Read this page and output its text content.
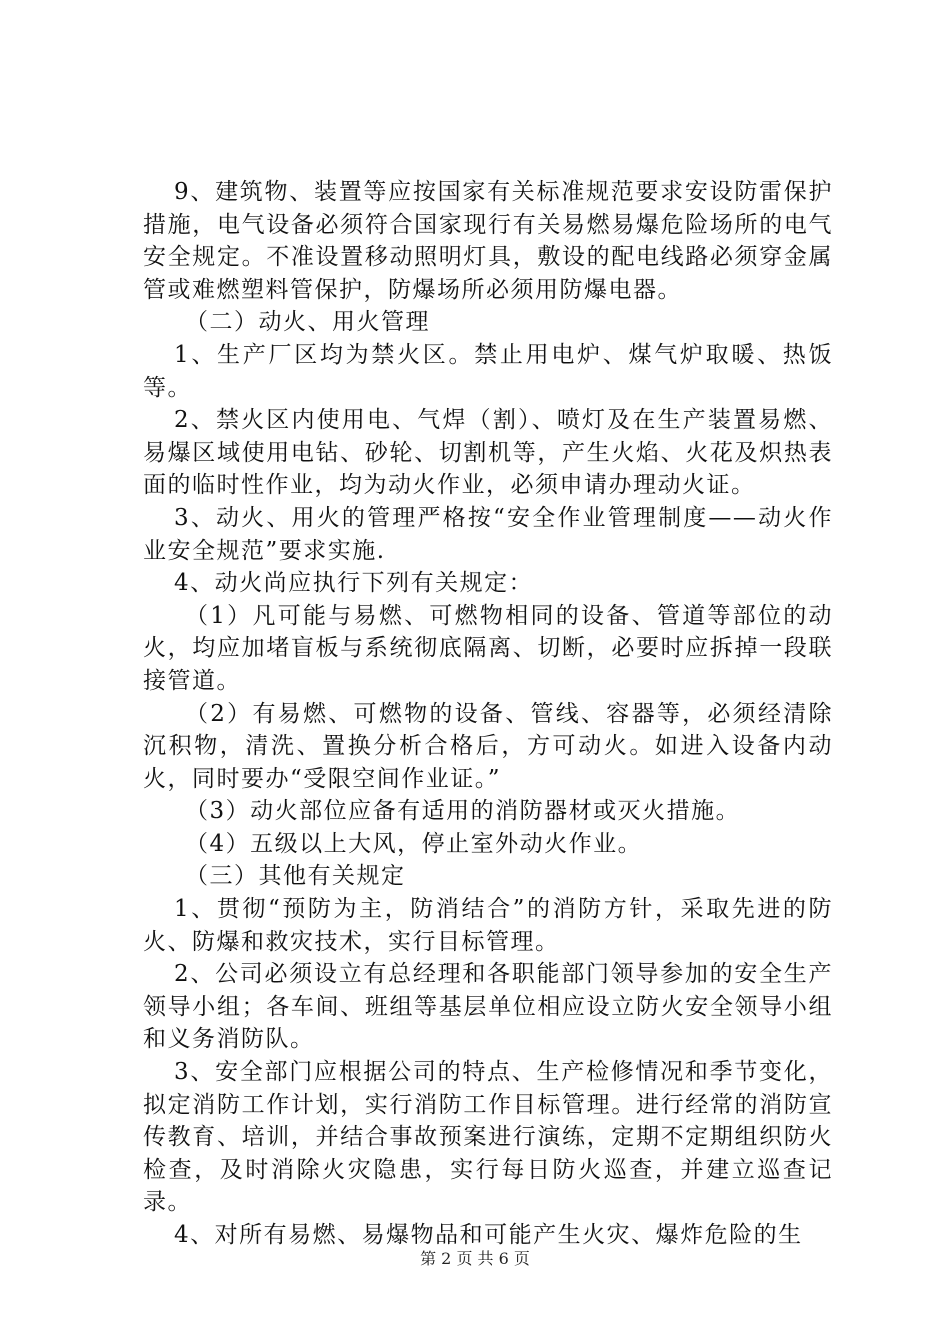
9、建筑物、装置等应按国家有关标准规范要求安设防雷保护措施，电气设备必须符合国家现行有关易燃易爆危险场所的电气安全规定。不准设置移动照明灯具，敷设的配电线路必须穿金属管或难燃塑料管保护，防爆场所必须用防爆电器。

（二）动火、用火管理

1、生产厂区均为禁火区。禁止用电炉、煤气炉取暖、热饭等。

2、禁火区内使用电、气焊（割）、喷灯及在生产装置易燃、易爆区域使用电钻、砂轮、切割机等，产生火焰、火花及炽热表面的临时性作业，均为动火作业，必须申请办理动火证。

3、动火、用火的管理严格按“安全作业管理制度——动火作业安全规范”要求实施.

4、动火尚应执行下列有关规定：

（1）凡可能与易燃、可燃物相同的设备、管道等部位的动火，均应加堵盲板与系统彻底隔离、切断，必要时应拆掉一段联接管道。

（2）有易燃、可燃物的设备、管线、容器等，必须经清除沉积物，清洗、置换分析合格后，方可动火。如进入设备内动火，同时要办“受限空间作业证。”

（3）动火部位应备有适用的消防器材或灭火措施。

（4）五级以上大风，停止室外动火作业。

（三）其他有关规定

1、贯彻“预防为主，防消结合”的消防方针，采取先进的防火、防爆和救灾技术，实行目标管理。

2、公司必须设立有总经理和各职能部门领导参加的安全生产领导小组；各车间、班组等基层单位相应设立防火安全领导小组和义务消防队。

3、安全部门应根据公司的特点、生产检修情况和季节变化，拟定消防工作计划，实行消防工作目标管理。进行经常的消防宣传教育、培训，并结合事故预案进行演练，定期不定期组织防火检查，及时消除火灾隐患，实行每日防火巡查，并建立巡查记录。

4、对所有易燃、易爆物品和可能产生火灾、爆炸危险的生

第 2 页 共 6 页
